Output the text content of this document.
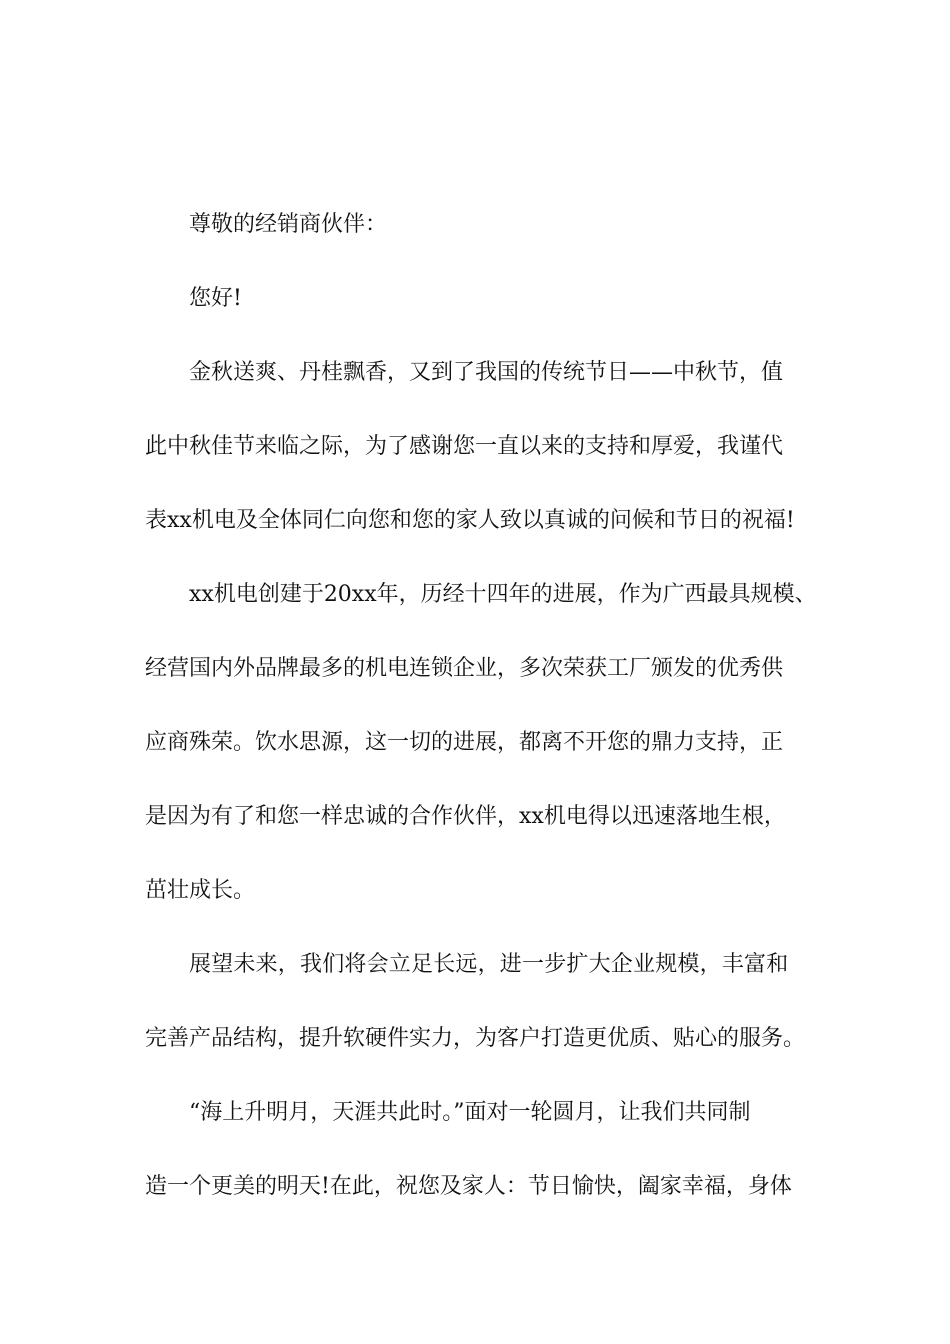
尊敬的经销商伙伴：
您好!
金秋送爽、丹桂飘香，又到了我国的传统节日——中秋节，值
此中秋佳节来临之际，为了感谢您一直以来的支持和厚爱，我谨代
表xx机电及全体同仁向您和您的家人致以真诚的问候和节日的祝福!
xx机电创建于20xx年，历经十四年的进展，作为广西最具规模、
经营国内外品牌最多的机电连锁企业，多次荣获工厂颁发的优秀供
应商殊荣。饮水思源，这一切的进展，都离不开您的鼎力支持，正
是因为有了和您一样忠诚的合作伙伴，xx机电得以迅速落地生根，
茁壮成长。
展望未来，我们将会立足长远，进一步扩大企业规模，丰富和
完善产品结构，提升软硬件实力，为客户打造更优质、贴心的服务。
“海上升明月，天涯共此时。”面对一轮圆月，让我们共同制
造一个更美的明天!在此，祝您及家人：节日愉快，阖家幸福，身体
